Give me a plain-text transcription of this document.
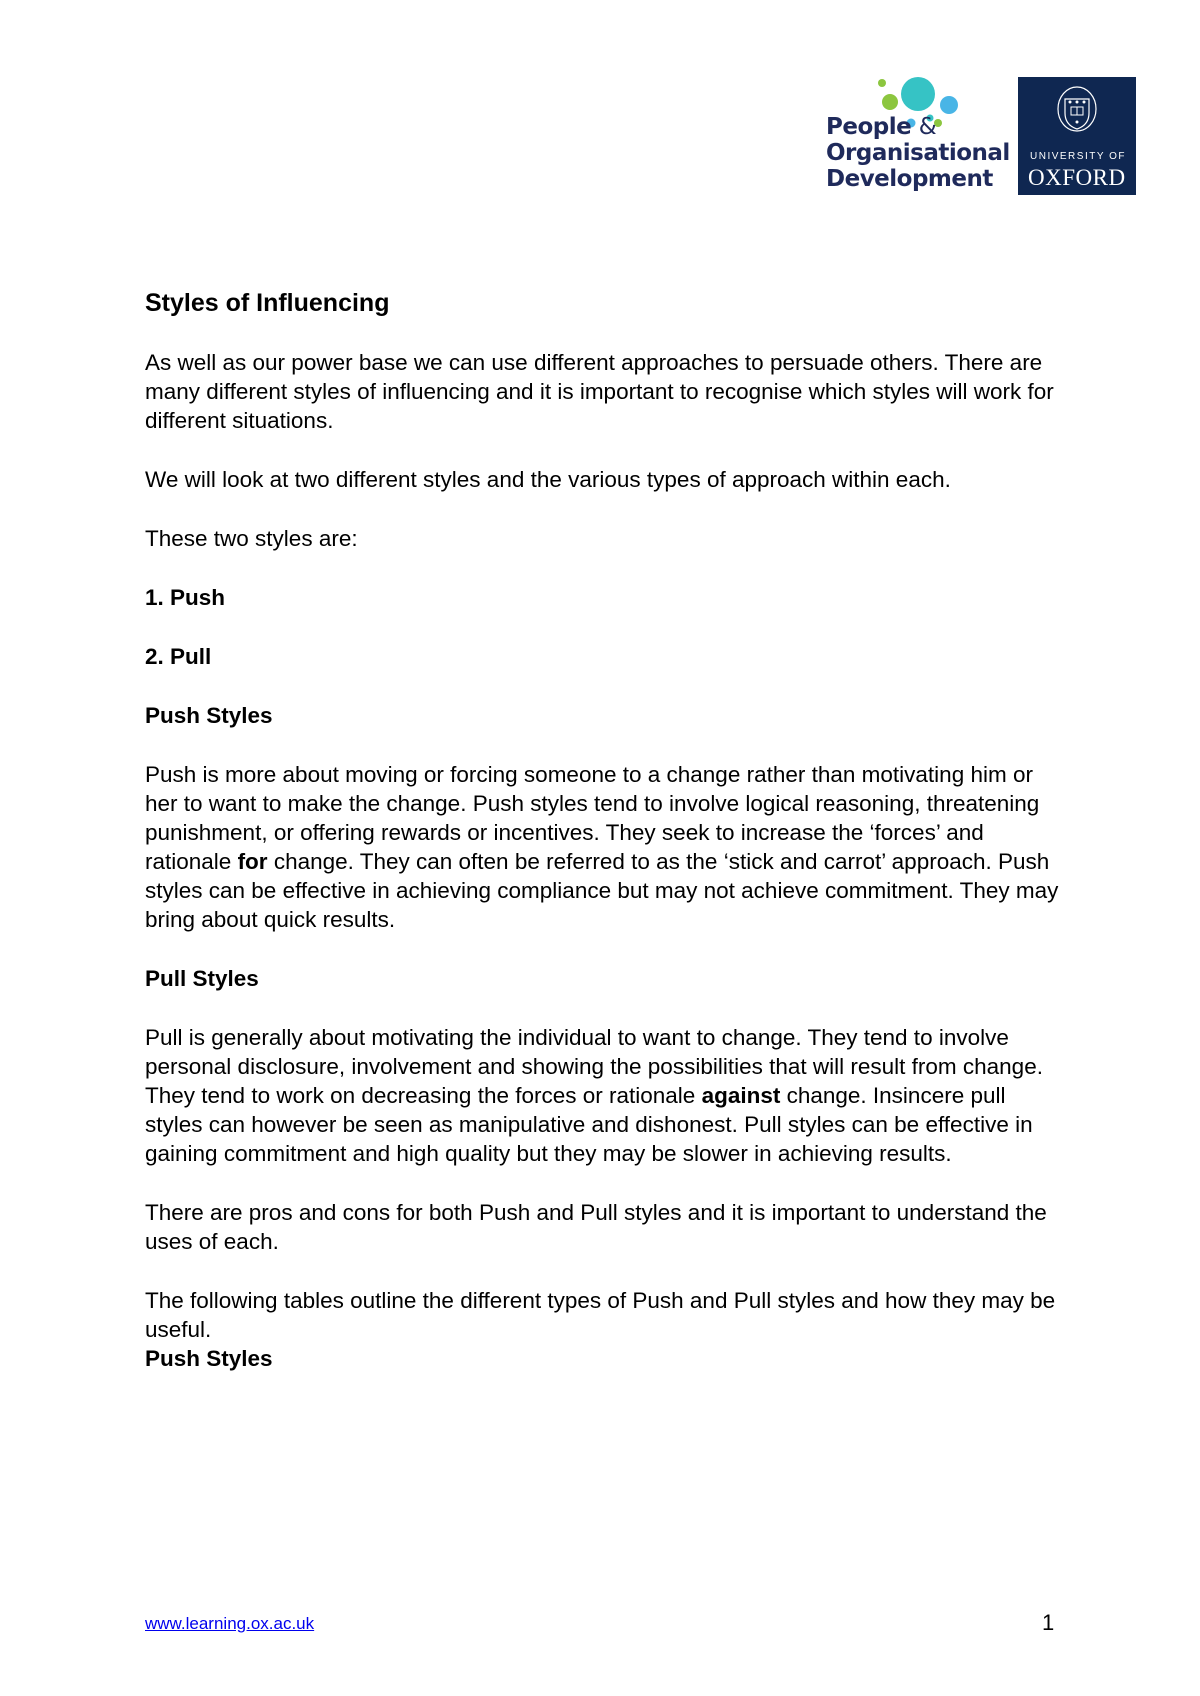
People &
Organisational
Development
UNIVERSITY OF
OXFORD
Styles of Influencing

As well as our power base we can use different approaches to persuade others. There are many different styles of influencing and it is important to recognise which styles will work for different situations.

We will look at two different styles and the various types of approach within each.

These two styles are:

1. Push
2. Pull
Push Styles

Push is more about moving or forcing someone to a change rather than motivating him or her to want to make the change. Push styles tend to involve logical reasoning, threatening punishment, or offering rewards or incentives. They seek to increase the ‘forces’ and rationale for change. They can often be referred to as the ‘stick and carrot’ approach. Push styles can be effective in achieving compliance but may not achieve commitment. They may bring about quick results.

Pull Styles

Pull is generally about motivating the individual to want to change. They tend to involve personal disclosure, involvement and showing the possibilities that will result from change. They tend to work on decreasing the forces or rationale against change. Insincere pull styles can however be seen as manipulative and dishonest. Pull styles can be effective in gaining commitment and high quality but they may be slower in achieving results.

There are pros and cons for both Push and Pull styles and it is important to understand the uses of each.

The following tables outline the different types of Push and Pull styles and how they may be useful.

Push Styles
www.learning.ox.ac.uk	1
